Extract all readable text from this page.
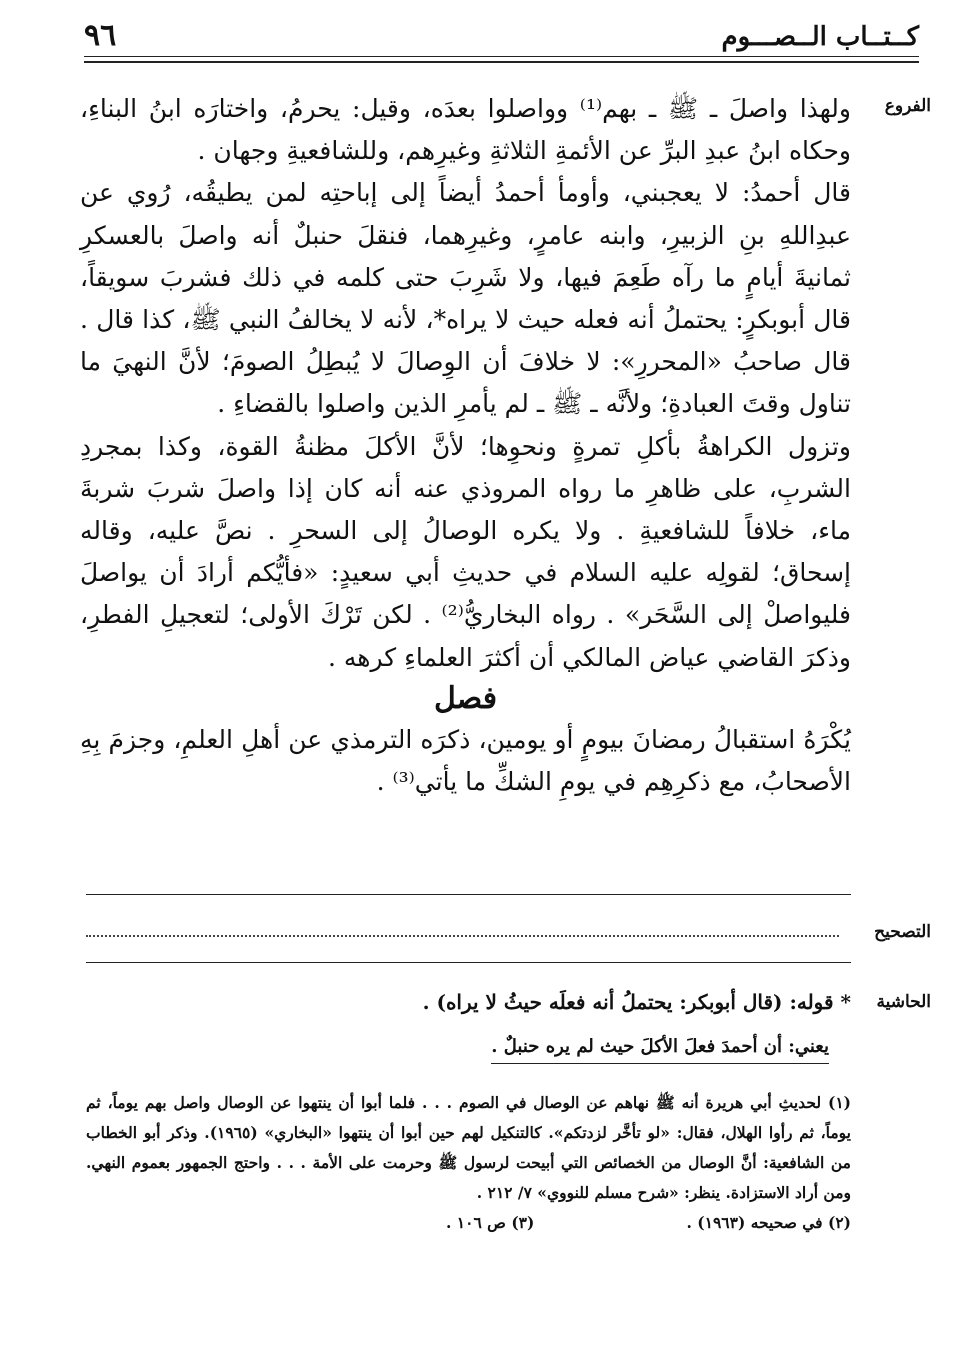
٩٦	كــتــاب الــصـــوم
الفروع

ولهذا واصلَ ـ ﷺ ـ بهم⁽¹⁾ وواصلوا بعدَه، وقيل: يحرمُ، واختارَه ابنُ البناءِ، وحكاه ابنُ عبدِ البرِّ عن الأئمةِ الثلاثةِ وغيرِهم، وللشافعيةِ وجهان .

قال أحمدُ: لا يعجبني، وأومأ أحمدُ أيضاً إلى إباحتِه لمن يطيقُه، رُوي عن عبدِاللهِ بنِ الزبيرِ، وابنه عامرٍ، وغيرِهما، فنقلَ حنبلٌ أنه واصلَ بالعسكرِ ثمانيةَ أيامٍ ما رآه طَعِمَ فيها، ولا شَرِبَ حتى كلمه في ذلك فشربَ سويقاً، قال أبوبكرٍ: يحتملُ أنه فعله حيث لا يراه*، لأنه لا يخالفُ النبي ﷺ، كذا قال . قال صاحبُ «المحررِ»: لا خلافَ أن الوِصالَ لا يُبطِلُ الصومَ؛ لأنَّ النهيَ ما تناول وقتَ العبادةِ؛ ولأنَّه ـ ﷺ ـ لم يأمرِ الذين واصلوا بالقضاءِ .

وتزول الكراهةُ بأكلِ تمرةٍ ونحوِها؛ لأنَّ الأكلَ مظنةُ القوة، وكذا بمجردِ الشربِ، على ظاهرِ ما رواه المروذي عنه أنه كان إذا واصلَ شربَ شربةَ ماء، خلافاً للشافعيةِ . ولا يكره الوصالُ إلى السحرِ . نصَّ عليه، وقاله إسحاق؛ لقولِه عليه السلام في حديثِ أبي سعيدٍ: «فأيُّكم أرادَ أن يواصلَ فليواصلْ إلى السَّحَر» . رواه البخاريُّ⁽²⁾ . لكن تَرْكَ الأولى؛ لتعجيلِ الفطرِ، وذكرَ القاضي عياض المالكي أن أكثرَ العلماءِ كرهه .

فصل

يُكْرَهُ استقبالُ رمضانَ بيومٍ أو يومين، ذكرَه الترمذي عن أهلِ العلمِ، وجزمَ بِهِ الأصحابُ، مع ذكرِهِم في يومِ الشكِّ ما يأتي⁽³⁾ .

التصحيح
الحاشية
* قوله: (قال أبوبكر: يحتملُ أنه فعلَه حيثُ لا يراه) .
يعني: أن أحمدَ فعلَ الأكلَ حيث لم يره حنبلٌ .

(١) لحديثِ أبي هريرة أنه ﷺ نهاهم عن الوصال في الصوم . . . فلما أبوا أن ينتهوا عن الوصال واصل بهم يوماً، ثم يوماً، ثم رأوا الهلال، فقال: «لو تأخَّر لزدتكم». كالتنكيل لهم حين أبوا أن ينتهوا «البخاري» (١٩٦٥). وذكر أبو الخطاب من الشافعية: أنَّ الوصال من الخصائص التي أبيحت لرسول ﷺ وحرمت على الأمة . . . واحتج الجمهور بعموم النهي. ومن أراد الاستزادة. ينظر: «شرح مسلم للنووي» ٧/ ٢١٢ .

(٢) في صحيحه (١٩٦٣) .
(٣) ص ١٠٦ .
